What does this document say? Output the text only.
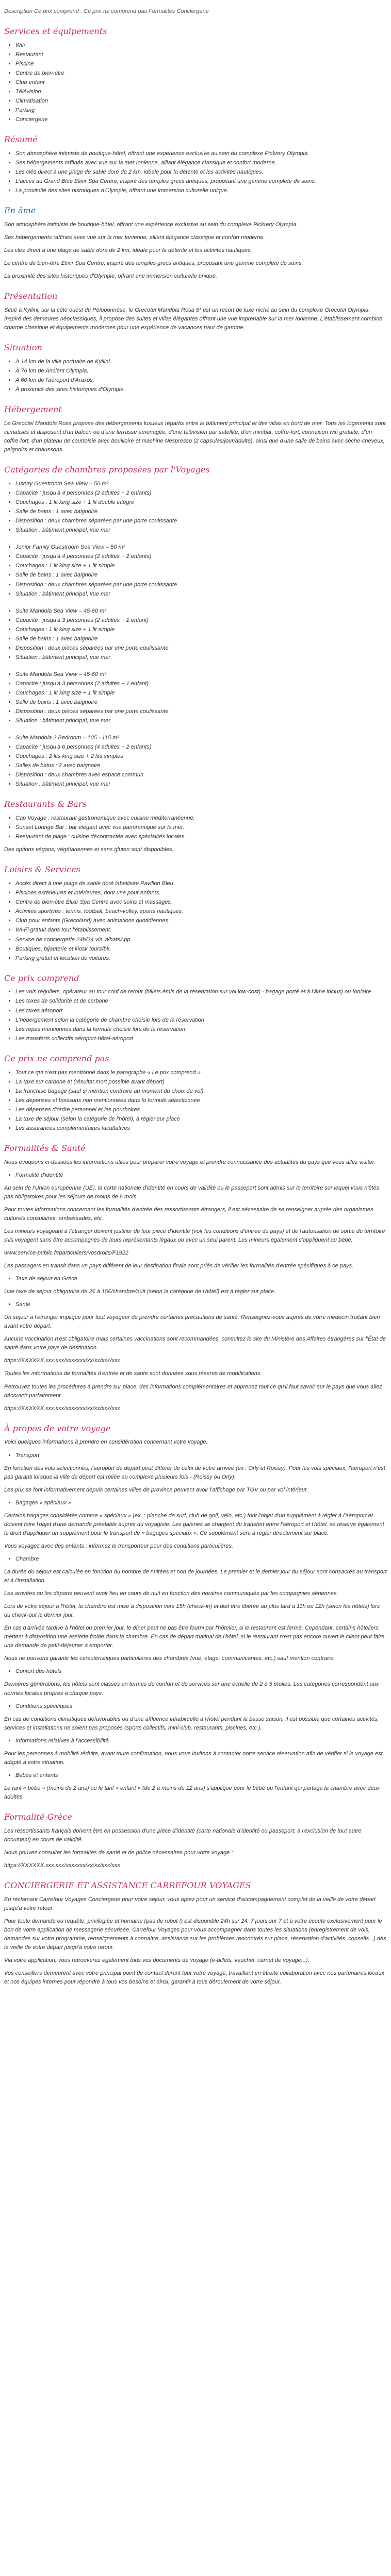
Description Ce prix comprend : Ce prix ne comprend pas Formalités Conciergerie

Services et équipements
• Wifi
• Restaurant
• Piscine
• Centre de bien-être
• Club enfant
• Télévision
• Climatisation
• Parking
• Conciergerie
Résumé
• Son atmosphère intimiste de boutique-hôtel, offrant une expérience exclusive au sein du complexe Pickrery Olympia.
• Ses hébergements raffinés avec vue sur la mer Ionienne, alliant élégance classique et confort moderne.
• Les clés direct à une plage de sable doré de 2 km, idéale pour la détente et les activités nautiques.
• L'accès au Grand Blue Elixir Spa Centre, inspiré des temples grecs antiques, proposant une gamme complète de soins.
• La proximité des sites historiques d'Olympie, offrant une immersion culturelle unique.
En âme

Son atmosphère intimiste de boutique-hôtel, offrant une expérience exclusive au sein du complexe Pickrery Olympia.

Ses hébergements raffinés avec vue sur la mer Ionienne, alliant élégance classique et confort moderne.

Les clés direct à une plage de sable doré de 2 km, idéale pour la détente et les activités nautiques.

Le centre de bien-être Elixir Spa Centre, inspiré des temples grecs antiques, proposant une gamme complète de soins.

La proximité des sites historiques d'Olympie, offrant une immersion culturelle unique.

Présentation

Situé à Kyllini, sur la côte ouest du Péloponnèse, le Grecotel Mandola Rosa 5* est un resort de luxe niché au sein du complexe Grecotel Olympia. Inspiré des demeures néoclassiques, il propose des suites et villas élégantes offrant une vue imprenable sur la mer Ionienne. L'établissement combine charme classique et équipements modernes pour une expérience de vacances haut de gamme.

Situation
• À 14 km de la ville portuaire de Kyllini.
• À 76 km de Ancient Olympia.
• À 60 km de l'aéroport d'Araxos.
• À proximité des sites historiques d'Olympie.
Hébergement

Le Grecotel Mandola Rosa propose des hébergements luxueux répartis entre le bâtiment principal et des villas en bord de mer. Tous les logements sont climatisés et disposent d'un balcon ou d'une terrasse aménagée, d'une télévision par satellite, d'un minibar, coffre-fort, connexion wifi gratuite, d'un coffre-fort, d'un plateau de courtoisie avec bouilloire et machine Nespresso (2 capsules/jour/adulte), ainsi que d'une salle de bains avec sèche-cheveux, peignoirs et chaussons.

Catégories de chambres proposées par l'Voyages
• Luxury Guestroom Sea View – 50 m²
• Capacité : jusqu'à 4 personnes (2 adultes + 2 enfants)
• Couchages : 1 lit king size + 1 lit double intégré
• Salle de bains : 1 avec baignoire
• Disposition : deux chambres séparées par une porte coulissante
• Situation : bâtiment principal, vue mer
• Junior Family Guestroom Sea View – 50 m²
• Capacité : jusqu'à 4 personnes (2 adultes + 2 enfants)
• Couchages : 1 lit king size + 1 lit simple
• Salle de bains : 1 avec baignoire
• Disposition : deux chambres séparées par une porte coulissante
• Situation : bâtiment principal, vue mer
• Suite Mandola Sea View – 45-60 m²
• Capacité : jusqu'à 3 personnes (2 adultes + 1 enfant)
• Couchages : 1 lit king size + 1 lit simple
• Salle de bains : 1 avec baignoire
• Disposition : deux pièces séparées par une porte coulissante
• Situation : bâtiment principal, vue mer
• Suite Mandola Sea View – 45-60 m²
• Capacité : jusqu'à 3 personnes (2 adultes + 1 enfant)
• Couchages : 1 lit king size + 1 lit simple
• Salle de bains : 1 avec baignoire
• Disposition : deux pièces séparées par une porte coulissante
• Situation : bâtiment principal, vue mer
• Suite Mandola 2 Bedroom – 105 - 115 m²
• Capacité : jusqu'à 6 personnes (4 adultes + 2 enfants)
• Couchages : 2 lits king size + 2 lits simples
• Salles de bains : 2 avec baignoire
• Disposition : deux chambres avec espace commun
• Situation : bâtiment principal, vue mer
Restaurants & Bars
• Cap Voyage : restaurant gastronomique avec cuisine méditerranéenne.
• Sunset Lounge Bar : bar élégant avec vue panoramique sur la mer.
• Restaurant de plage : cuisine décontractée avec spécialités locales.

Des options végans, végétariennes et sans gluten sont disponibles.

Loisirs & Services
• Accès direct à une plage de sable doré labellisée Pavillon Bleu.
• Piscines extérieures et intérieures, dont une pour enfants.
• Centre de bien-être Elixir Spa Centre avec soins et massages.
• Activités sportives : tennis, football, beach-volley, sports nautiques.
• Club pour enfants (Grecoland) avec animations quotidiennes.
• Wi-Fi gratuit dans tout l'établissement.
• Service de conciergerie 24h/24 via WhatsApp.
• Boutiques, bijouterie et kiosk tours/bk.
• Parking gratuit et location de voitures.
Ce prix comprend
• Les vols réguliers, opérateur au tour conf de retour (billets émis de la réservation sur vol low-cost) - bagage porté et à l'âme inclus) ou Ioniaire
• Les taxes de solidarité et de carbone
• Les taxes aéroport
• L'hébergement selon la catégorie de chambre choisie lors de la réservation
• Les repas mentionnés dans la formule choisie lors de la réservation
• Les transferts collectifs aéroport-hôtel-aéroport
Ce prix ne comprend pas
• Tout ce qui n'est pas mentionné dans le paragraphe « Le prix comprend »
• La taxe sur carbone et (résultat mort possible avant départ)
• La franchise bagage (sauf si mention contraire au moment du choix du vol)
• Les dépenses et boissons non mentionnées dans la formule sélectionnée
• Les dépenses d'ordre personnel et les pourboires
• La taxe de séjour (selon la catégorie de l'hôtel), à régler sur place
• Les assurances complémentaires facultatives
Formalités & Santé

Nous évoquons ci-dessous les informations utiles pour préparer votre voyage et prendre connaissance des actualités du pays que vous allez visiter.

• Formalité d'identité

Au sein de l'Union européenne (UE), la carte nationale d'identité en cours de validité ou le passeport sont admis sur le territoire sur lequel vous n'êtes pas obligatoires pour les séjours de moins de 6 mois.

Pour toutes informations concernant les formalités d'entrée des ressortissants étrangers, il est nécessaire de se renseigner auprès des organismes culturels consulaires, ambassades, etc.

Les mineurs voyageant à l'étranger doivent justifier de leur pièce d'identité (voir les conditions d'entrée du pays) et de l'autorisation de sortie du territoire s'ils voyagent sans être accompagnés de leurs représentants légaux ou avec un seul parent. Les mineurs également s'appliquent au bébé.

www.service-public.fr/particuliers/vosdroits/F1922

Les passagers en transit dans un pays différent de leur destination finale sont priés de vérifier les formalités d'entrée spécifiques à ce pays.

• Taxe de séjour en Grèce

Une taxe de séjour obligatoire de 2€ à 15€/chambre/nuit (selon la catégorie de l'hôtel) est à régler sur place.

• Santé

Un séjour à l'étranger implique pour tout voyageur de prendre certaines précautions de santé. Renseignez-vous auprès de votre médecin traitant bien avant votre départ.

Aucune vaccination n'est obligatoire mais certaines vaccinations sont recommandées, consultez le site du Ministère des Affaires étrangères sur l'État de santé dans votre pays de destination.

https://XXXXXX.xxx.xxx/xxxxxxx/xx/xx/xxx/xxx

Toutes les informations de formalités d'entrée et de santé sont données sous réserve de modifications.

Retrouvez toutes les procédures à prendre sur place, des informations complémentaires et apprenez tout ce qu'il faut savoir sur le pays que vous allez découvrir parfaitement.

https://XXXXXX.xxx.xxx/xxxxxxx/xx/xx/xxx/xxx

À propos de votre voyage

Voici quelques informations à prendre en considération concernant votre voyage.

• Transport

En fonction des vols sélectionnés, l'aéroport de départ peut différer de celui de votre arrivée (ex : Orly et Roissy). Pour les vols spéciaux, l'aéroport n'est pas garanti lorsque la ville de départ est reliée au complexe plusieurs fois - (Roissy ou Orly).

Les prix se font informativement depuis certaines villes de province peuvent avoir l'affichage par TGV ou par vol intérieur.

• Bagages « spéciaux »

Certains bagages considérés comme « spéciaux » (ex. : planche de surf, club de golf, vélo, etc.) font l'objet d'un supplément à régler à l'aéroport et doivent faire l'objet d'une demande préalable auprès du voyagiste. Les galeries se chargent du transfert entre l'aéroport et l'hôtel, se réserve également le droit d'appliquer un supplément pour le transport de « bagages spéciaux ». Ce supplément sera à régler directement sur place.

Vous voyagez avec des enfants : informez le transporteur pour des conditions particulières.

• Chambre

La durée du séjour est calculée en fonction du nombre de nuitées et non de journées. Le premier et le dernier jour du séjour sont consacrés au transport et à l'installation.

Les arrivées ou les départs peuvent avoir lieu en cours de nuit en fonction des horaires communiqués par les compagnies aériennes.

Lors de votre séjour à l'hôtel, la chambre est mise à disposition vers 15h (check-in) et doit être libérée au plus tard à 11h ou 12h (selon les hôtels) lors du check-out le dernier jour.

En cas d'arrivée tardive à l'hôtel ou premier jour, le dîner peut ne pas être fourni par l'hôtelier, si le restaurant est fermé. Cependant, certains hôteliers mettent à disposition une assiette froide dans la chambre. En cas de départ matinal de l'hôtel, si le restaurant n'est pas encore ouvert le client peut faire une demande de petit-déjeuner à emporter.

Nous ne pouvons garantir les caractéristiques particulières des chambres (vue, étage, communicantes, etc.) sauf mention contraire.

• Confort des hôtels

Dernières générations, les hôtels sont classés en termes de confort et de services sur une échelle de 2 à 5 étoiles. Les catégories correspondent aux normes locales propres à chaque pays.

• Conditions spécifiques

En cas de conditions climatiques défavorables ou d'une affluence inhabituelle à l'hôtel pendant la basse saison, il est possible que certaines activités, services et installations ne soient pas proposés (sports collectifs, mini-club, restaurants, piscines, etc.).

• Informations relatives à l'accessibilité

Pour les personnes à mobilité réduite, avant toute confirmation, nous vous invitons à contacter notre service réservation afin de vérifier si le voyage est adapté à votre situation.

• Bébés et enfants

Le tarif « bébé » (moins de 2 ans) ou le tarif « enfant » (de 2 à moins de 12 ans) s'applique pour le bébé ou l'enfant qui partage la chambre avec deux adultes.

Formalité Grèce

Les ressortissants français doivent être en possession d'une pièce d'identité (carte nationale d'identité ou passeport, à l'exclusion de tout autre document) en cours de validité.

Nous pouvez consulter les formalités de santé et de police nécessaires pour votre voyage :

https://XXXXXX.xxx.xxx/xxxxxxx/xx/xx/xxx/xxx

CONCIERGERIE ET ASSISTANCE CARREFOUR VOYAGES

En réclamant Carrefour Voyages Conciergerie pour votre séjour, vous optez pour un service d'accompagnement complet de la veille de votre départ jusqu'à votre retour.

Pour toute demande ou requête, privilégiée et humaine (pas de robot !) est disponible 24h sur 24, 7 jours sur 7 et à votre écoute exclusivement pour le bon de votre application de messagerie sécurisée. Carrefour Voyages pour vous accompagner dans toutes les situations (enregistrement de vols, demandes sur votre programme, renseignements à connaître, assistance sur les problèmes rencontrés sur place, réservation d'activités, conseils...) dès la veille de votre départ jusqu'à votre retour.

Via votre application, vous retrouverez également tous vos documents de voyage (e-billets, vaucher, carnet de voyage...).

Vos conseillers demeurent avec votre principal point de contact durant tout votre voyage, travaillant en étroite collaboration avec nos partenaires locaux et nos équipes internes pour répondre à tous vos besoins et ainsi, garantir à tous déroulement de votre séjour.
